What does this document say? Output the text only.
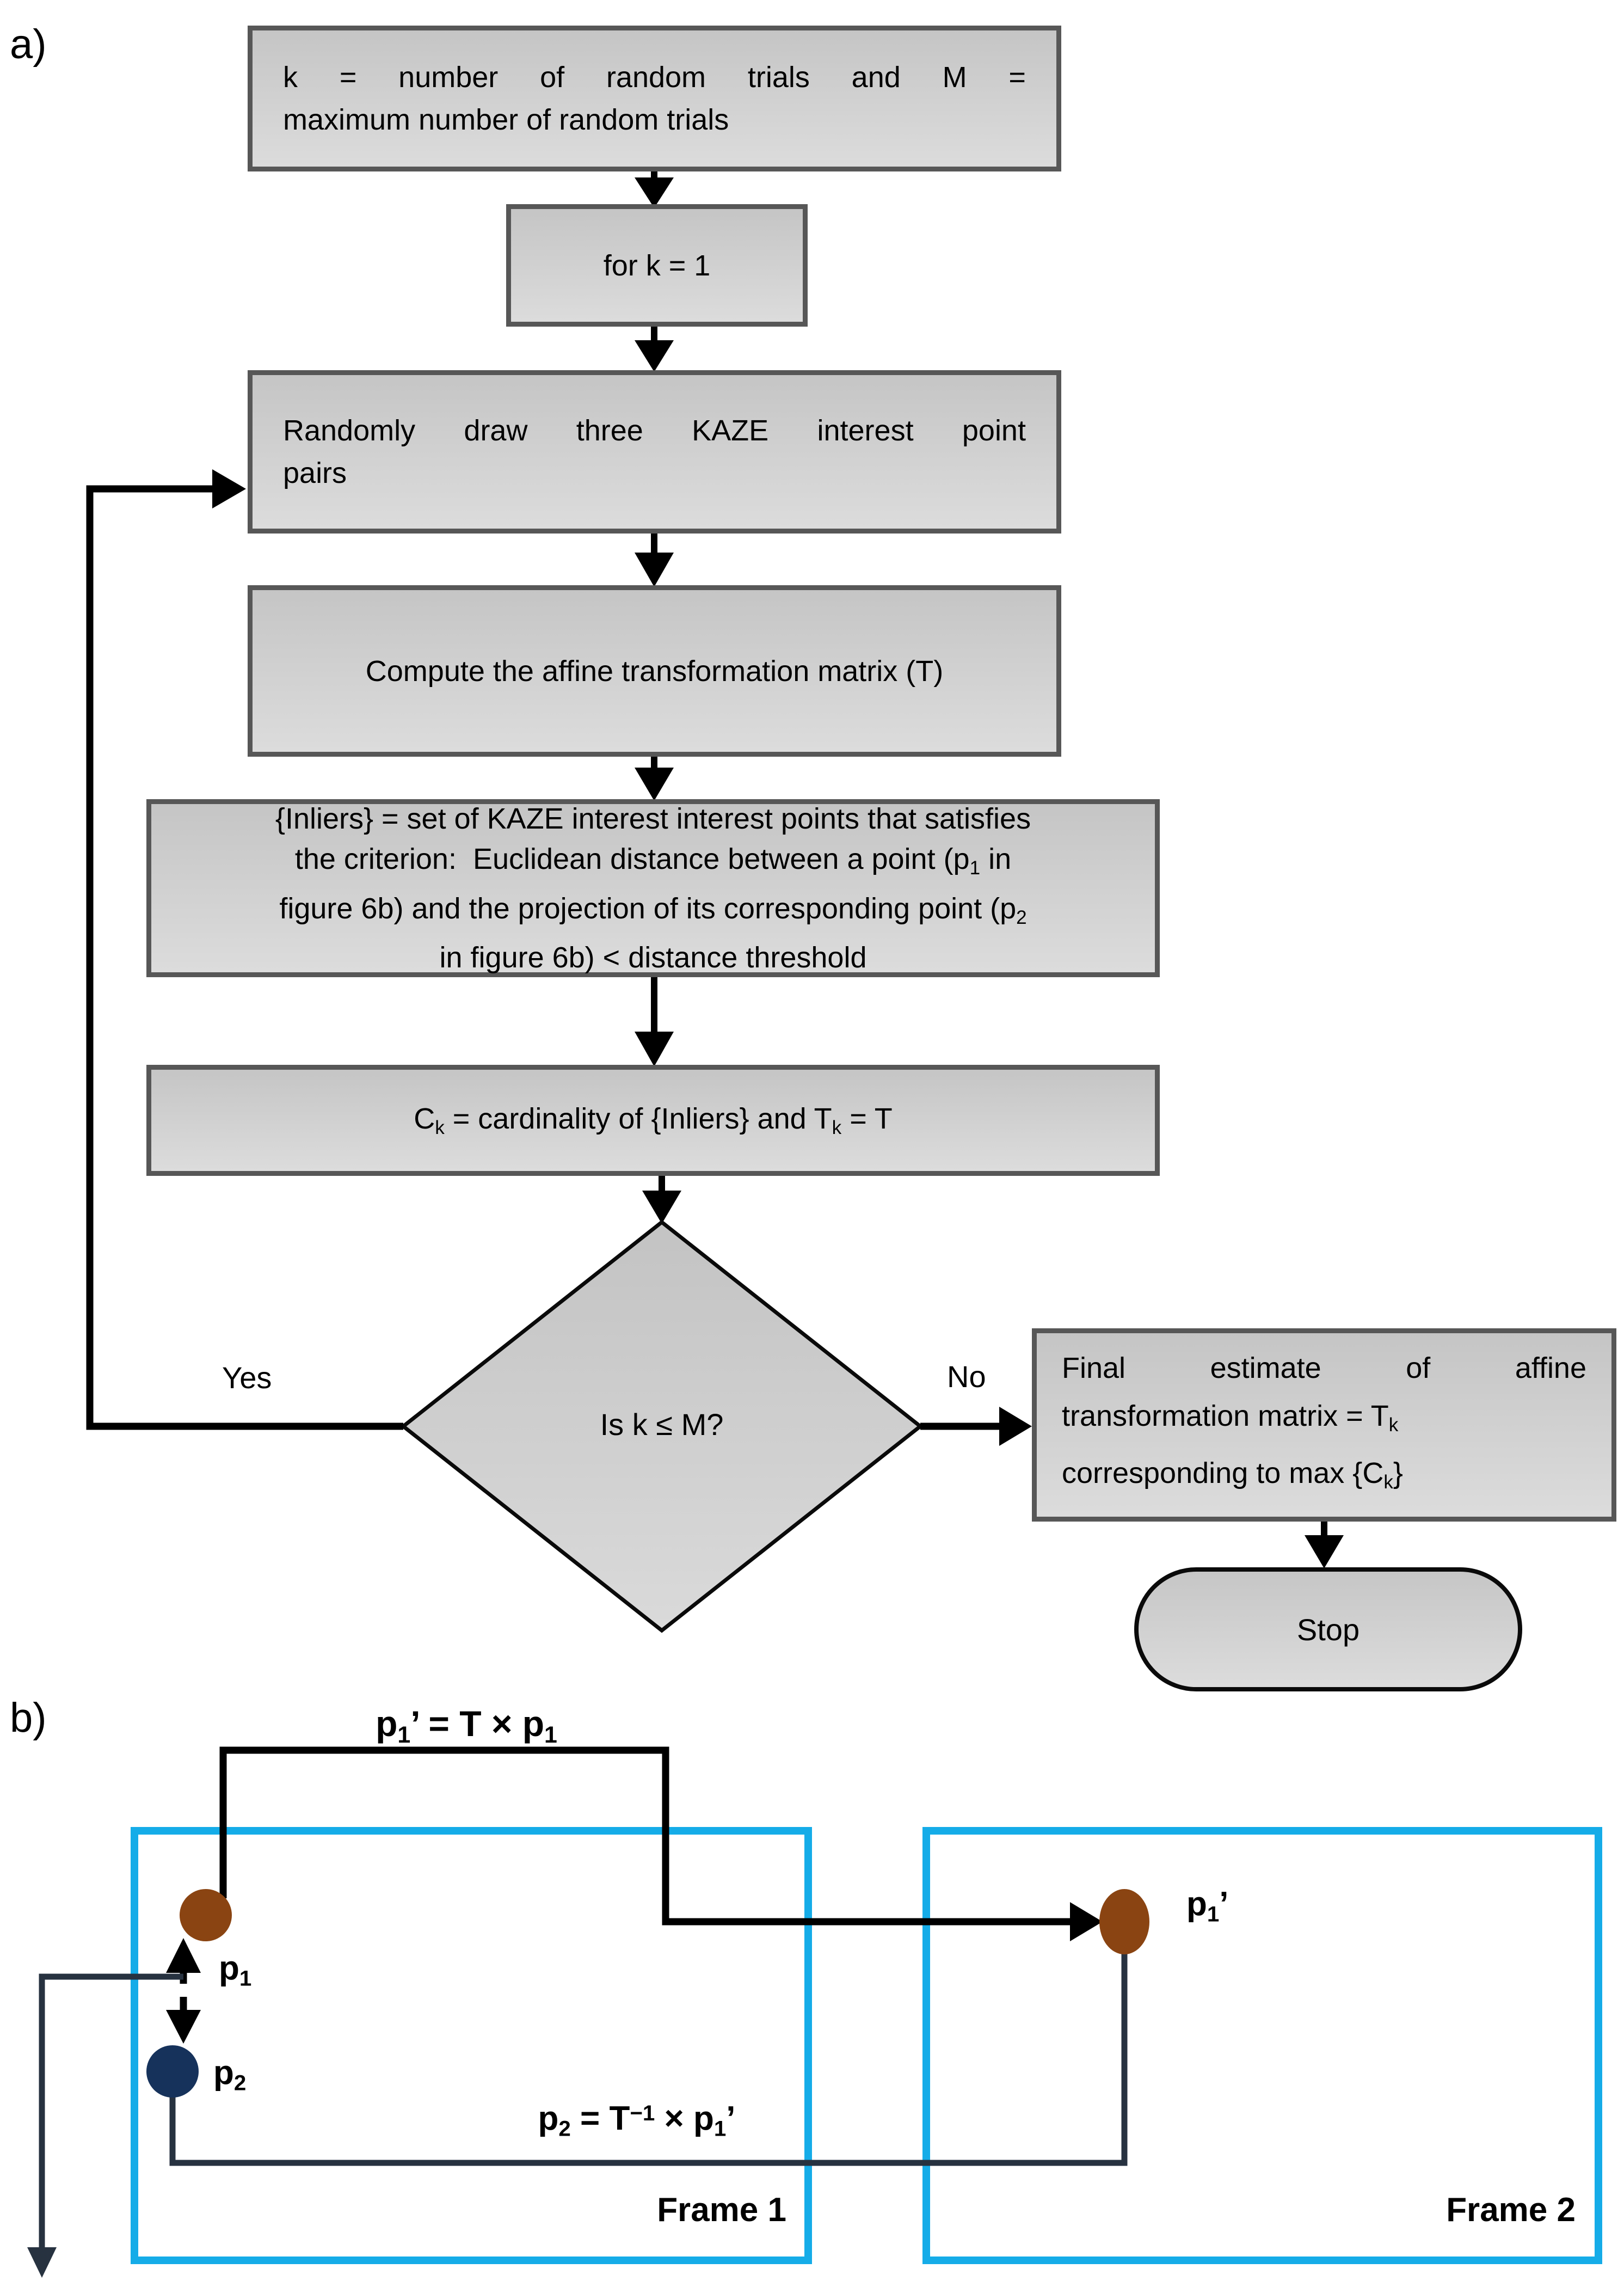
a)
k = number of random trials and M =
maximum number of random trials
for k = 1
Randomly draw three KAZE interest point
pairs
Compute the affine transformation matrix (T)
{Inliers} = set of KAZE interest interest points that satisfies
the criterion:  Euclidean distance between a point ($p_1$ in
figure 6b) and the projection of its corresponding point ($p_2$
in figure 6b) < distance threshold
$C_k$ = cardinality of {Inliers} and $T_k = T$
Is k ≤ M?
Yes	No	Final	estimate	of	affine
transformation matrix = $T_k$
corresponding to $\max \{C_k\}$
Stop
b)	$p_1$’ = $T \times p_1$
$p_1$
$p_2$
$p_1$’
$p_2 = T^{-1} \times p_1$’
Frame 1	Frame 2
